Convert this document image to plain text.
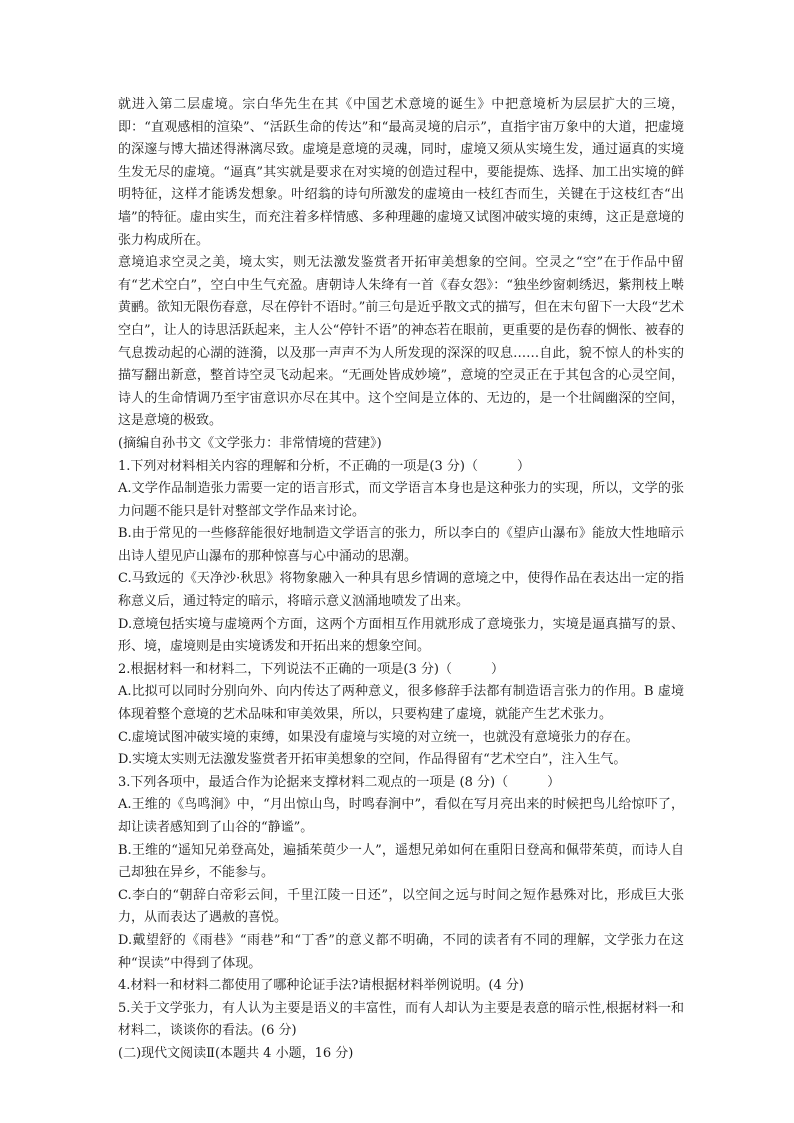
就进入第二层虚境。宗白华先生在其《中国艺术意境的诞生》中把意境析为层层扩大的三境，即：“直观感相的渲染”、“活跃生命的传达”和“最高灵境的启示”，直指宇宙万象中的大道，把虚境的深邃与博大描述得淋漓尽致。虚境是意境的灵魂，同时，虚境又须从实境生发，通过逼真的实境生发无尽的虚境。“逼真”其实就是要求在对实境的创造过程中，要能提炼、选择、加工出实境的鲜明特征，这样才能诱发想象。叶绍翁的诗句所激发的虚境由一枝红杏而生，关键在于这枝红杏“出墙”的特征。虚由实生，而充注着多样情感、多种理趣的虚境又试图冲破实境的束缚，这正是意境的张力构成所在。

意境追求空灵之美，境太实，则无法激发鉴赏者开拓审美想象的空间。空灵之“空”在于作品中留有“艺术空白”，空白中生气充盈。唐朝诗人朱绛有一首《春女怨》：“独坐纱窗刺绣迟，紫荆枝上啭黄鹂。欲知无限伤春意，尽在停针不语时。”前三句是近乎散文式的描写，但在末句留下一大段“艺术空白”，让人的诗思活跃起来，主人公“停针不语”的神态若在眼前，更重要的是伤春的惆怅、被春的气息拨动起的心湖的涟漪，以及那一声声不为人所发现的深深的叹息……自此，貌不惊人的朴实的描写翻出新意，整首诗空灵飞动起来。“无画处皆成妙境”，意境的空灵正在于其包含的心灵空间，诗人的生命情调乃至宇宙意识亦尽在其中。这个空间是立体的、无边的，是一个壮阔幽深的空间，这是意境的极致。

(摘编自孙书文《文学张力：非常情境的营建》)

1.下列对材料相关内容的理解和分析，不正确的一项是(3 分)（　　　）

A.文学作品制造张力需要一定的语言形式，而文学语言本身也是这种张力的实现，所以，文学的张力问题不能只是针对整部文学作品来讨论。

B.由于常见的一些修辞能很好地制造文学语言的张力，所以李白的《望庐山瀑布》能放大性地暗示出诗人望见庐山瀑布的那种惊喜与心中涌动的思潮。

C.马致远的《天净沙·秋思》将物象融入一种具有思乡情调的意境之中，使得作品在表达出一定的指称意义后，通过特定的暗示，将暗示意义汹涌地喷发了出来。

D.意境包括实境与虚境两个方面，这两个方面相互作用就形成了意境张力，实境是逼真描写的景、形、境，虚境则是由实境诱发和开拓出来的想象空间。

2.根据材料一和材料二，下列说法不正确的一项是(3 分)（　　　）

A.比拟可以同时分别向外、向内传达了两种意义，很多修辞手法都有制造语言张力的作用。B 虚境体现着整个意境的艺术品味和审美效果，所以，只要构建了虚境，就能产生艺术张力。

C.虚境试图冲破实境的束缚，如果没有虚境与实境的对立统一，也就没有意境张力的存在。

D.实境太实则无法激发鉴赏者开拓审美想象的空间，作品得留有“艺术空白”，注入生气。

3.下列各项中，最适合作为论据来支撑材料二观点的一项是 (8 分)（　　　）

A.王维的《鸟鸣涧》中，“月出惊山鸟，时鸣春涧中”，看似在写月亮出来的时候把鸟儿给惊吓了，却让读者感知到了山谷的“静谧”。

B.王维的“遥知兄弟登高处，遍插茱萸少一人”，遥想兄弟如何在重阳日登高和佩带茱萸，而诗人自己却独在异乡，不能参与。

C.李白的“朝辞白帝彩云间，千里江陵一日还”，以空间之远与时间之短作悬殊对比，形成巨大张力，从而表达了遇赦的喜悦。

D.戴望舒的《雨巷》“雨巷”和“丁香”的意义都不明确，不同的读者有不同的理解，文学张力在这种“误读”中得到了体现。

4.材料一和材料二都使用了哪种论证手法?请根据材料举例说明。(4 分)

5.关于文学张力，有人认为主要是语义的丰富性，而有人却认为主要是表意的暗示性,根据材料一和材料二，谈谈你的看法。(6 分)

(二)现代文阅读Ⅱ(本题共 4 小题，16 分)
